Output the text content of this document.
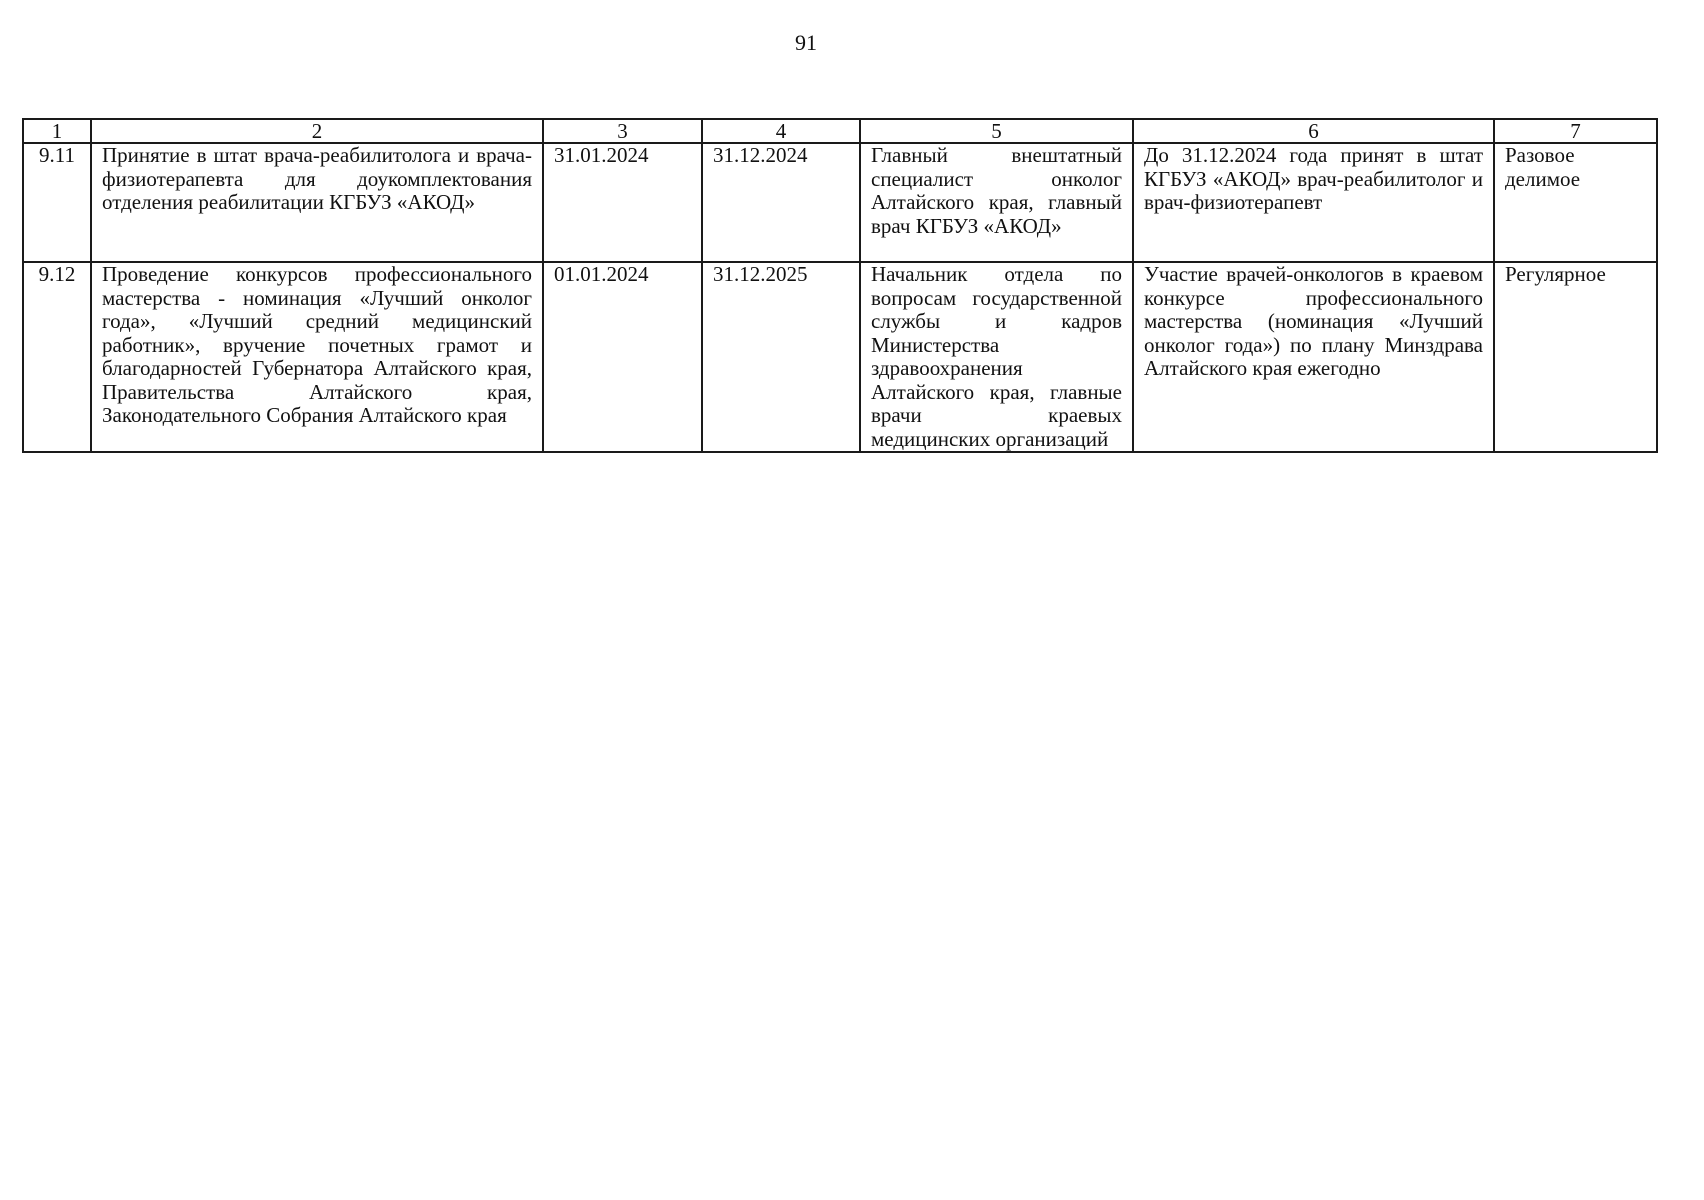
91
1	2	3	4	5	6	7
9.11	Принятие в штат врача-реабилитолога и врача-физиотерапевта для доукомплектования отделения реабилитации КГБУЗ «АКОД»	31.01.2024	31.12.2024	Главный внештатный специалист онколог Алтайского края, главный врач КГБУЗ «АКОД»	До 31.12.2024 года принят в штат КГБУЗ «АКОД» врач-реабилитолог и врач-физиотерапевт	Разовое делимое
9.12	Проведение конкурсов профессионального мастерства - номинация «Лучший онколог года», «Лучший средний медицинский работник», вручение почетных грамот и благодарностей Губернатора Алтайского края, Правительства Алтайского края, Законодательного Собрания Алтайского края	01.01.2024	31.12.2025	Начальник отдела по вопросам государственной службы и кадров Министерства здравоохранения Алтайского края, главные врачи краевых медицинских организаций	Участие врачей-онкологов в краевом конкурсе профессионального мастерства (номинация «Лучший онколог года») по плану Минздрава Алтайского края ежегодно	Регулярное
